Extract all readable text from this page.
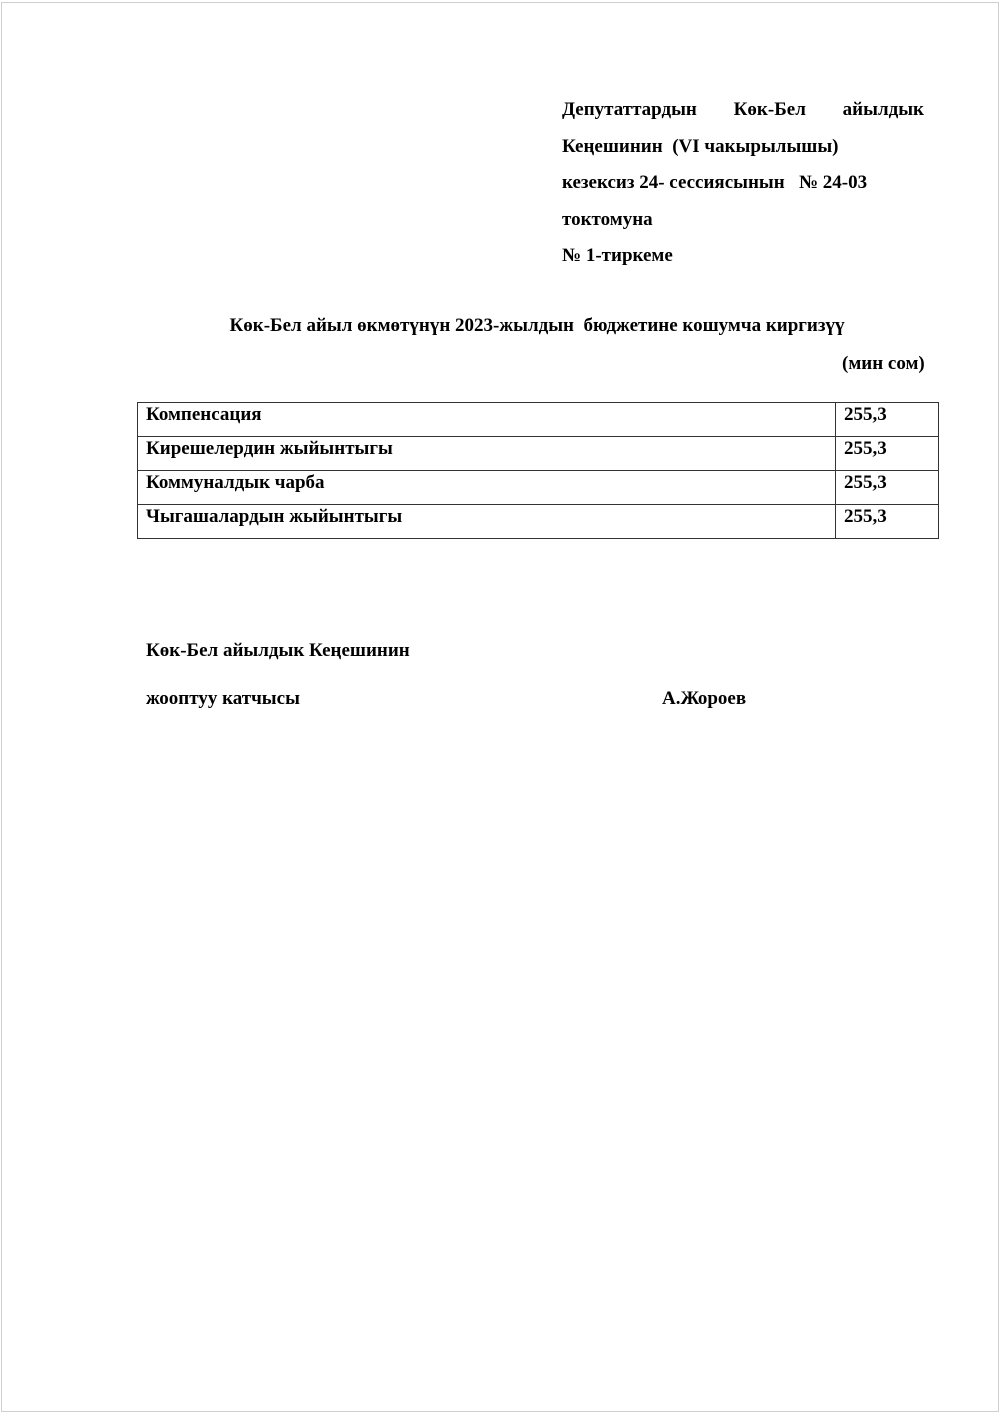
Депутаттардын Көк-Бел айылдык
Кеңешинин  (VI чакырылышы)
кезексиз 24- сессиясынын   № 24-03
токтомуна
№ 1-тиркеме
Көк-Бел айыл өкмөтүнүн 2023-жылдын  бюджетине кошумча киргизүү
(мин сом)
Компенсация	255,3
Кирешелердин жыйынтыгы	255,3
Коммуналдык чарба	255,3
Чыгашалардын жыйынтыгы	255,3
Көк-Бел айылдык Кеңешинин
жооптуу катчысы	А.Жороев
